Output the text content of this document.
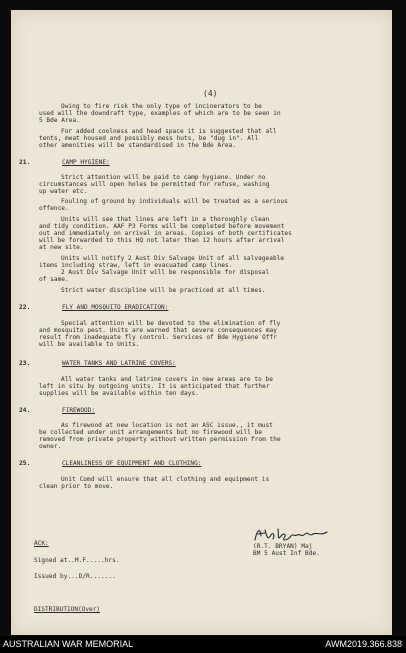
(4)
Owing to fire risk the only type of incinerators to be
used will the downdraft type, examples of which are to be seen in
5 Bde Area.
For added coolness and head space it is suggested that all
tents, meat housed and possibly mess huts, be "dug in". All
other amenities will be standardised in the Bde Area.
21.	CAMP HYGIENE:
Strict attention will be paid to camp hygiene. Under no
circumstances will open holes be permitted for refuse, washing
up water etc.
Fouling of ground by individuals will be treated as a serious
offence.
Units will see that lines are left in a thoroughly clean
and tidy condition. AAF P3 Forms will be completed before movement
out and immediately on arrival in areas. Copies of both certificates
will be forwarded to this HQ not later than 12 hours after arrival
at new site.
Units will notify 2 Aust Div Salvage Unit of all salvageable
items including straw, left in evacuated camp lines.
2 Aust Div Salvage Unit will be responsible for disposal
of same.
Strict water discipline will be practiced at all times.
22.	FLY AND MOSQUITO ERADICATION:
Special attention will be devoted to the elimination of fly
and mosquito pest. Units are warned that severe consequences may
result from inadequate fly control. Services of Bde Hygiene Offr
will be available to Units.
23.	WATER TANKS AND LATRINE COVERS:
All water tanks and latrine covers in new areas are to be
left in situ by outgoing units. It is anticipated that further
supplies will be available within ten days.
24.	FIREWOOD:
As firewood at new location is not an ASC issue., it must
be collected under unit arrangements but no firewood will be
removed from private property without written permission from the
owner.
25.	CLEANLINESS OF EQUIPMENT AND CLOTHING:
Unit Comd will ensure that all clothing and equipment is
clean prior to move.
(R.T. BRYAN) Maj
BM 5 Aust Inf Bde.
ACK:
Signed at..M.F.....hrs.
Issued by...D/R.......
DISTRIBUTION(Over)
AUSTRALIAN WAR MEMORIAL	AWM2019.366.838
